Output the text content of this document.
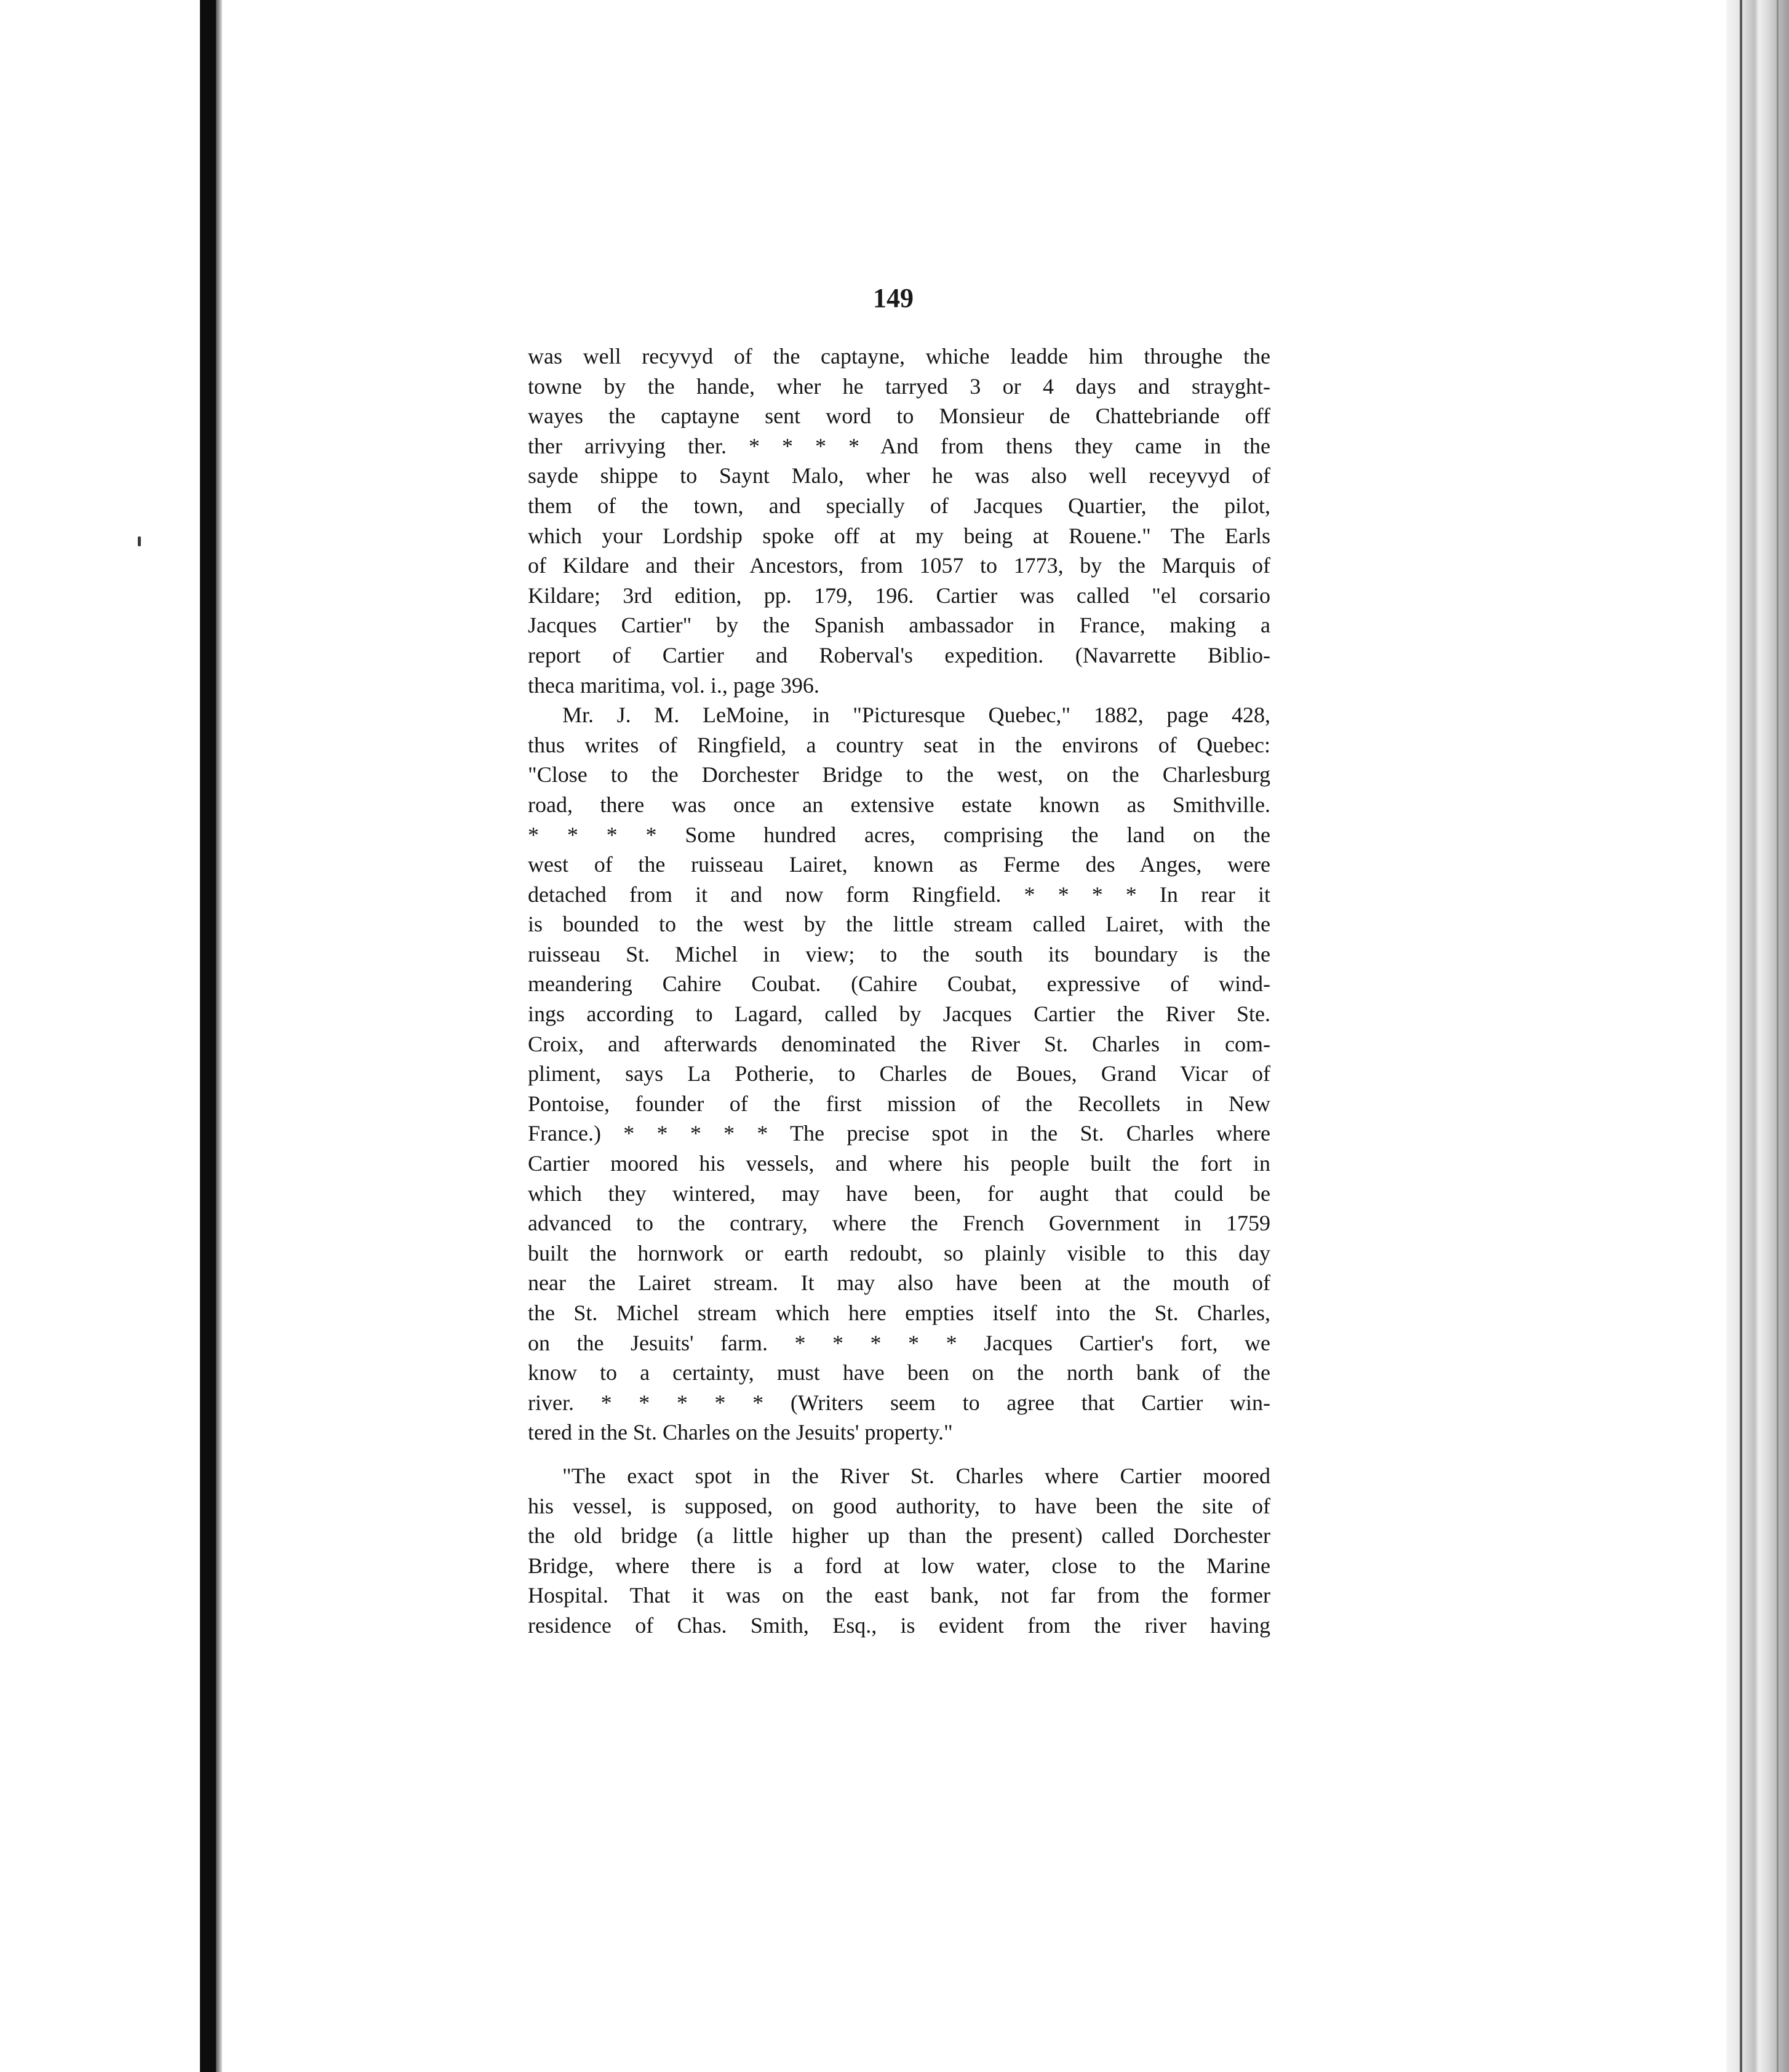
149
was well recyvyd of the captayne, whiche leadde him throughe the
towne by the hande, wher he tarryed 3 or 4 days and strayght-
wayes the captayne sent word to Monsieur de Chattebriande off
ther arrivying ther. * * * * And from thens they came in the
sayde shippe to Saynt Malo, wher he was also well receyvyd of
them of the town, and specially of Jacques Quartier, the pilot,
which your Lordship spoke off at my being at Rouene." The Earls
of Kildare and their Ancestors, from 1057 to 1773, by the Marquis of
Kildare; 3rd edition, pp. 179, 196. Cartier was called "el corsario
Jacques Cartier" by the Spanish ambassador in France, making a
report of Cartier and Roberval's expedition. (Navarrette Biblio-
theca maritima, vol. i., page 396.
Mr. J. M. LeMoine, in "Picturesque Quebec," 1882, page 428,
thus writes of Ringfield, a country seat in the environs of Quebec:
"Close to the Dorchester Bridge to the west, on the Charlesburg
road, there was once an extensive estate known as Smithville.
* * * * Some hundred acres, comprising the land on the
west of the ruisseau Lairet, known as Ferme des Anges, were
detached from it and now form Ringfield. * * * * In rear it
is bounded to the west by the little stream called Lairet, with the
ruisseau St. Michel in view; to the south its boundary is the
meandering Cahire Coubat. (Cahire Coubat, expressive of wind-
ings according to Lagard, called by Jacques Cartier the River Ste.
Croix, and afterwards denominated the River St. Charles in com-
pliment, says La Potherie, to Charles de Boues, Grand Vicar of
Pontoise, founder of the first mission of the Recollets in New
France.) * * * * * The precise spot in the St. Charles where
Cartier moored his vessels, and where his people built the fort in
which they wintered, may have been, for aught that could be
advanced to the contrary, where the French Government in 1759
built the hornwork or earth redoubt, so plainly visible to this day
near the Lairet stream. It may also have been at the mouth of
the St. Michel stream which here empties itself into the St. Charles,
on the Jesuits' farm. * * * * * Jacques Cartier's fort, we
know to a certainty, must have been on the north bank of the
river. * * * * * (Writers seem to agree that Cartier win-
tered in the St. Charles on the Jesuits' property."
"The exact spot in the River St. Charles where Cartier moored
his vessel, is supposed, on good authority, to have been the site of
the old bridge (a little higher up than the present) called Dorchester
Bridge, where there is a ford at low water, close to the Marine
Hospital. That it was on the east bank, not far from the former
residence of Chas. Smith, Esq., is evident from the river having
